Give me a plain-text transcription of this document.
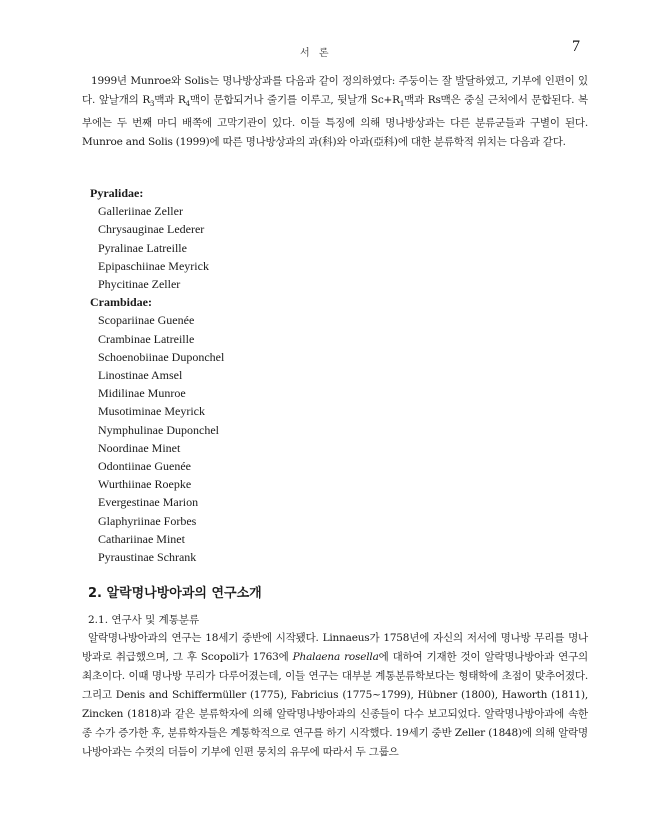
서 론	7
1999년 Munroe와 Solis는 명나방상과를 다음과 같이 정의하였다: 주둥이는 잘 발달하였고, 기부에 인편이 있다. 앞날개의 $R_3$맥과 $R_4$맥이 문합되거나 줄기를 이루고, 뒷날개 $Sc+R_1$맥과 Rs맥은 중실 근처에서 문합된다. 복부에는 두 번째 마디 배쪽에 고막기관이 있다. 이들 특징에 의해 명나방상과는 다른 분류군들과 구별이 된다. Munroe and Solis (1999)에 따른 명나방상과의 과(科)와 아과(亞科)에 대한 분류학적 위치는 다음과 같다.
Pyralidae:
Galleriinae Zeller
Chrysauginae Lederer
Pyralinae Latreille
Epipaschiinae Meyrick
Phycitinae Zeller
Crambidae:
Scopariinae Guenée
Crambinae Latreille
Schoenobiinae Duponchel
Linostinae Amsel
Midilinae Munroe
Musotiminae Meyrick
Nymphulinae Duponchel
Noordinae Minet
Odontiinae Guenée
Wurthiinae Roepke
Evergestinae Marion
Glaphyriinae Forbes
Cathariinae Minet
Pyraustinae Schrank
2. 알락명나방아과의 연구소개
2.1. 연구사 및 계통분류
알락명나방아과의 연구는 18세기 중반에 시작됐다. Linnaeus가 1758년에 자신의 저서에 명나방 무리를 명나방과로 취급했으며, 그 후 Scopoli가 1763에 Phalaena rosella에 대하여 기재한 것이 알락명나방아과 연구의 최초이다. 이때 명나방 무리가 다루어졌는데, 이들 연구는 대부분 계통분류학보다는 형태학에 초점이 맞추어졌다. 그리고 Denis and Schiffermüller (1775), Fabricius (1775~1799), Hübner (1800), Haworth (1811), Zincken (1818)과 같은 분류학자에 의해 알락명나방아과의 신종들이 다수 보고되었다. 알락명나방아과에 속한 종 수가 증가한 후, 분류학자들은 계통학적으로 연구를 하기 시작했다. 19세기 중반 Zeller (1848)에 의해 알락명나방아과는 수컷의 더듬이 기부에 인편 뭉치의 유무에 따라서 두 그룹으
